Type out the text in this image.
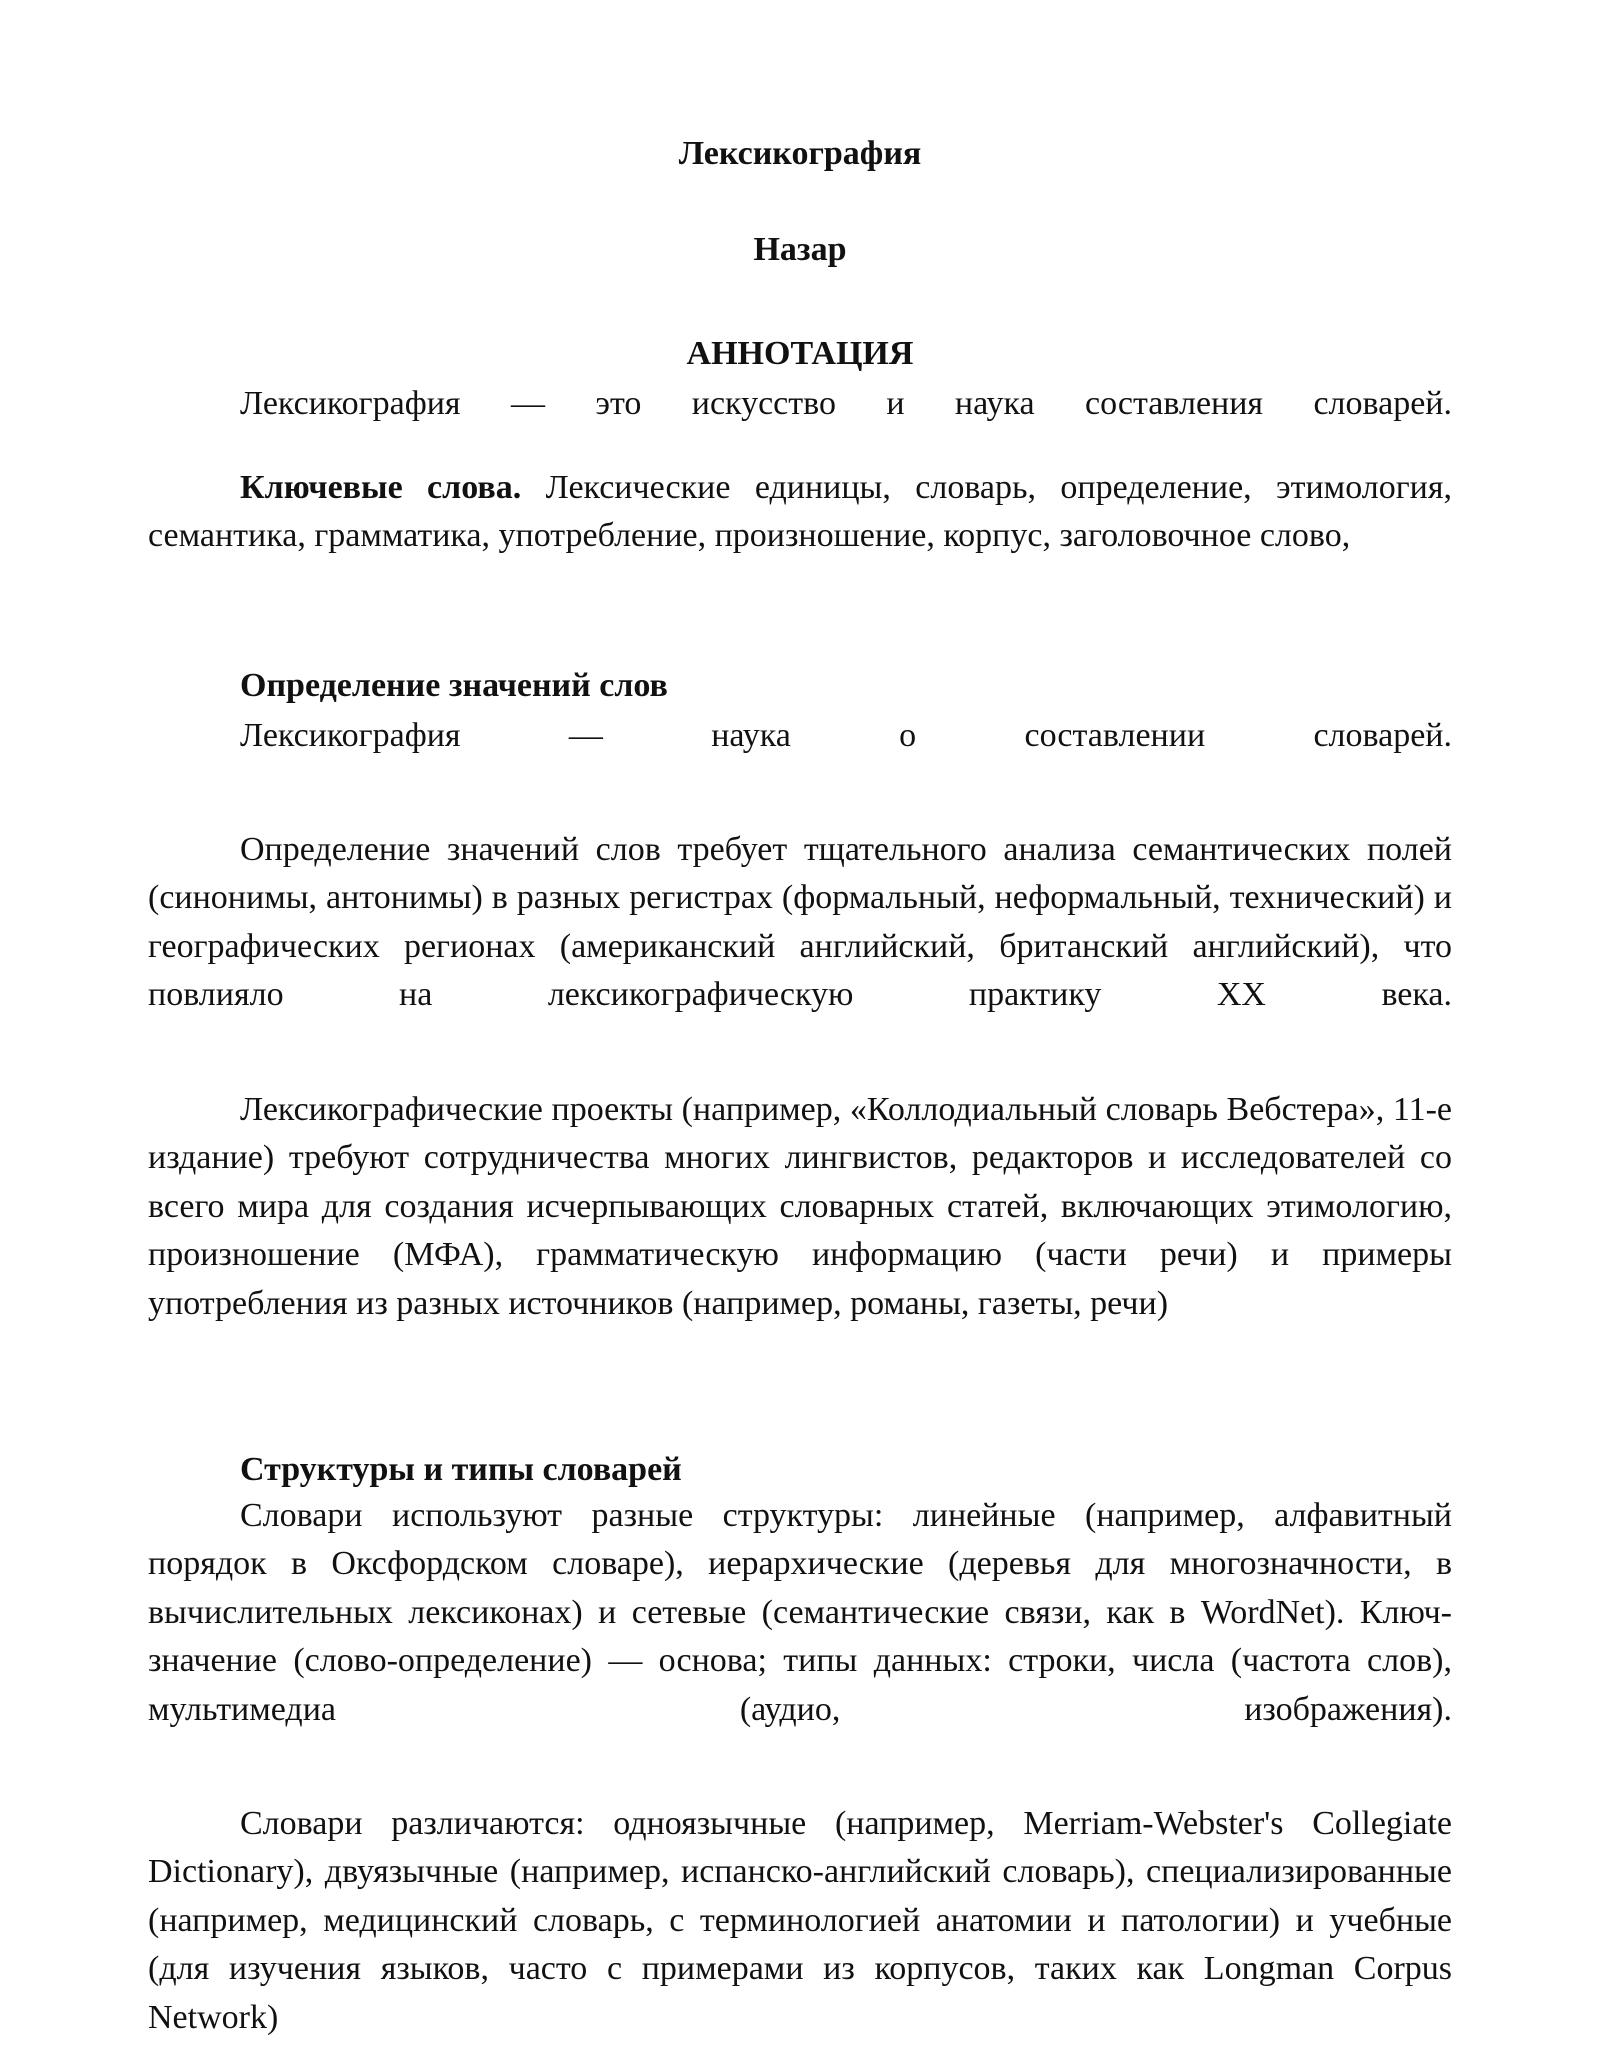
Лексикография
Назар
АННОТАЦИЯ

Лексикография — это искусство и наука составления словарей.

Ключевые слова. Лексические единицы, словарь, определение, этимология, семантика, грамматика, употребление, произношение, корпус, заголовочное слово,

Определение значений слов

Лексикография — наука о составлении словарей.

Определение значений слов требует тщательного анализа семантических полей (синонимы, антонимы) в разных регистрах (формальный, неформальный, технический) и географических регионах (американский английский, британский английский), что повлияло на лексикографическую практику XX века.

Лексикографические проекты (например, «Коллодиальный словарь Вебстера», 11-е издание) требуют сотрудничества многих лингвистов, редакторов и исследователей со всего мира для создания исчерпывающих словарных статей, включающих этимологию, произношение (МФА), грамматическую информацию (части речи) и примеры употребления из разных источников (например, романы, газеты, речи)

Структуры и типы словарей

Словари используют разные структуры: линейные (например, алфавитный порядок в Оксфордском словаре), иерархические (деревья для многозначности, в вычислительных лексиконах) и сетевые (семантические связи, как в WordNet). Ключ-значение (слово-определение) — основа; типы данных: строки, числа (частота слов), мультимедиа (аудио, изображения).

Словари различаются: одноязычные (например, Merriam-Webster's Collegiate Dictionary), двуязычные (например, испанско-английский словарь), специализированные (например, медицинский словарь, с терминологией анатомии и патологии) и учебные (для изучения языков, часто с примерами из корпусов, таких как Longman Corpus Network)
